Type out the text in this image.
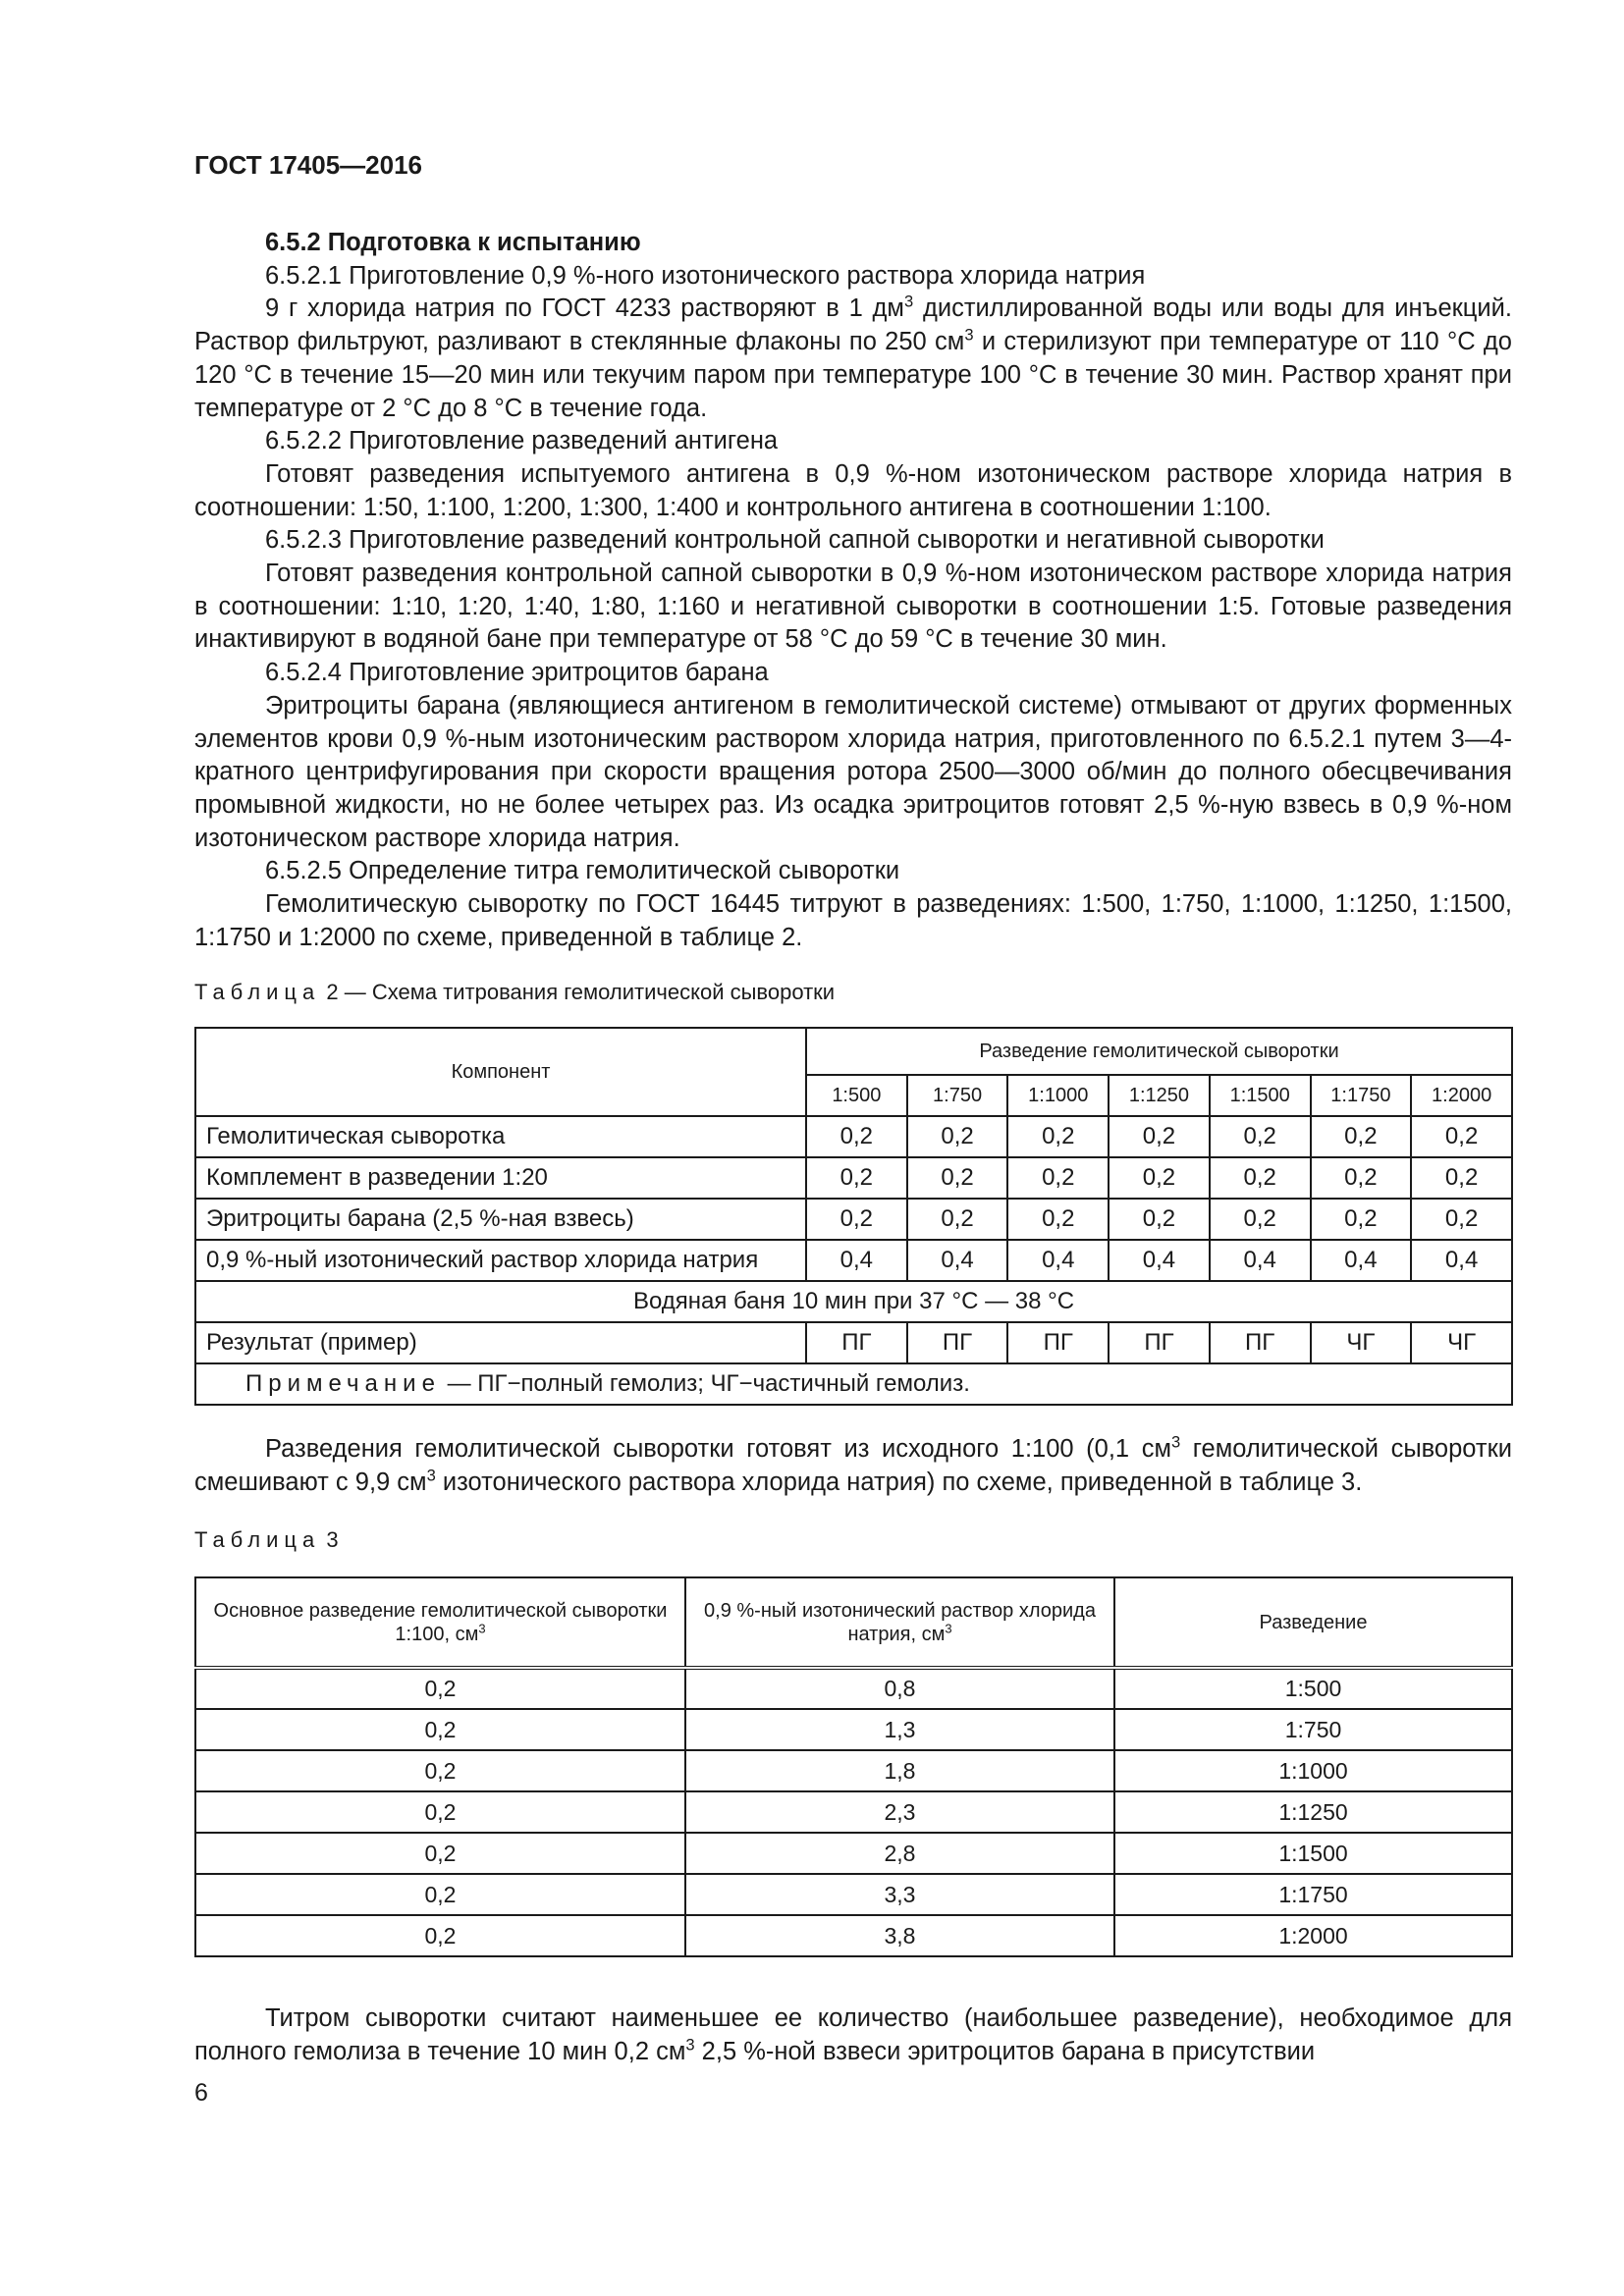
ГОСТ 17405—2016

6.5.2 Подготовка к испытанию

6.5.2.1 Приготовление 0,9 %-ного изотонического раствора хлорида натрия

9 г хлорида натрия по ГОСТ 4233 растворяют в 1 $дм^3$ дистиллированной воды или воды для инъекций. Раствор фильтруют, разливают в стеклянные флаконы по 250 $см^3$ и стерилизуют при температуре от 110 °С до 120 °С в течение 15—20 мин или текучим паром при температуре 100 °С в течение 30 мин. Раствор хранят при температуре от 2 °С до 8 °С в течение года.

6.5.2.2 Приготовление разведений антигена

Готовят разведения испытуемого антигена в 0,9 %-ном изотоническом растворе хлорида натрия в соотношении: 1:50, 1:100, 1:200, 1:300, 1:400 и контрольного антигена в соотношении 1:100.

6.5.2.3 Приготовление разведений контрольной сапной сыворотки и негативной сыворотки

Готовят разведения контрольной сапной сыворотки в 0,9 %-ном изотоническом растворе хлорида натрия в соотношении: 1:10, 1:20, 1:40, 1:80, 1:160 и негативной сыворотки в соотношении 1:5. Готовые разведения инактивируют в водяной бане при температуре от 58 °С до 59 °С в течение 30 мин.

6.5.2.4 Приготовление эритроцитов барана

Эритроциты барана (являющиеся антигеном в гемолитической системе) отмывают от других форменных элементов крови 0,9 %-ным изотоническим раствором хлорида натрия, приготовленного по 6.5.2.1 путем 3—4-кратного центрифугирования при скорости вращения ротора 2500—3000 об/мин до полного обесцвечивания промывной жидкости, но не более четырех раз. Из осадка эритроцитов готовят 2,5 %-ную взвесь в 0,9 %-ном изотоническом растворе хлорида натрия.

6.5.2.5 Определение титра гемолитической сыворотки

Гемолитическую сыворотку по ГОСТ 16445 титруют в разведениях: 1:500, 1:750, 1:1000, 1:1250, 1:1500, 1:1750 и 1:2000 по схеме, приведенной в таблице 2.

Таблица 2 — Схема титрования гемолитической сыворотки
Компонент	Разведение гемолитической сыворотки						
	1:500	1:750	1:1000	1:1250	1:1500	1:1750	1:2000
Гемолитическая сыворотка	0,2	0,2	0,2	0,2	0,2	0,2	0,2
Комплемент в разведении 1:20	0,2	0,2	0,2	0,2	0,2	0,2	0,2
Эритроциты барана (2,5 %-ная взвесь)	0,2	0,2	0,2	0,2	0,2	0,2	0,2
0,9 %-ный изотонический раствор хлорида натрия	0,4	0,4	0,4	0,4	0,4	0,4	0,4
Водяная баня 10 мин при 37 °С — 38 °С							
Результат (пример)	ПГ	ПГ	ПГ	ПГ	ПГ	ЧГ	ЧГ
Примечание — ПГ−полный гемолиз; ЧГ−частичный гемолиз.							

Разведения гемолитической сыворотки готовят из исходного 1:100 (0,1 $см^3$ гемолитической сыворотки смешивают с 9,9 $см^3$ изотонического раствора хлорида натрия) по схеме, приведенной в таблице 3.

Таблица 3
Основное разведение гемолитической сыворотки 1:100, $см^3$	0,9 %-ный изотонический раствор хлорида натрия, $см^3$	Разведение
0,2	0,8	1:500
0,2	1,3	1:750
0,2	1,8	1:1000
0,2	2,3	1:1250
0,2	2,8	1:1500
0,2	3,3	1:1750
0,2	3,8	1:2000

Титром сыворотки считают наименьшее ее количество (наибольшее разведение), необходимое для полного гемолиза в течение 10 мин 0,2 $см^3$ 2,5 %-ной взвеси эритроцитов барана в присутствии

6
